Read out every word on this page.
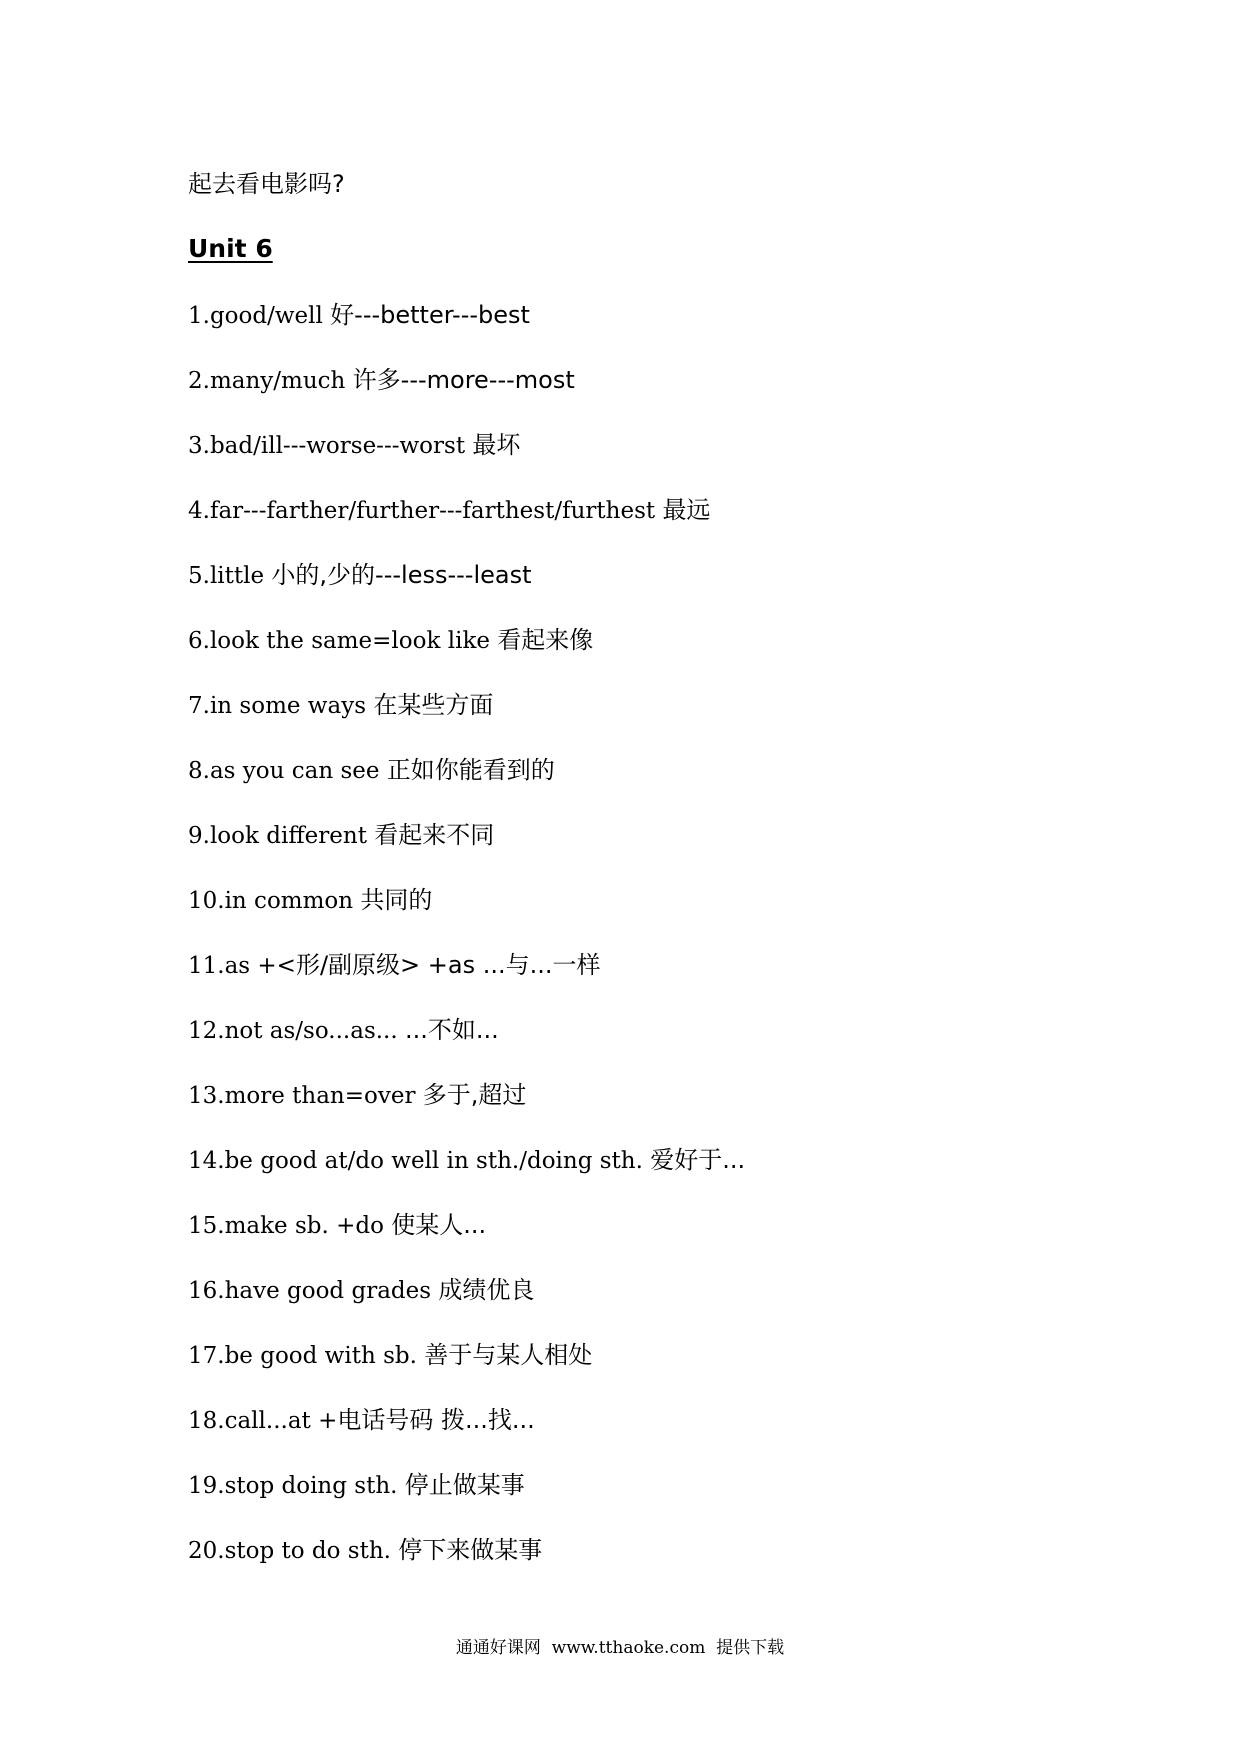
起去看电影吗?
Unit 6
1.good/well 好---better---best
2.many/much 许多---more---most
3.bad/ill---worse---worst 最坏
4.far---farther/further---farthest/furthest 最远
5.little 小的,少的---less---least
6.look the same=look like 看起来像
7.in some ways 在某些方面
8.as you can see 正如你能看到的
9.look different 看起来不同
10.in common 共同的
11.as +<形/副原级> +as ...与...一样
12.not as/so...as... ...不如...
13.more than=over 多于,超过
14.be good at/do well in sth./doing sth. 爱好于...
15.make sb. +do 使某人...
16.have good grades 成绩优良
17.be good with sb. 善于与某人相处
18.call...at +电话号码 拨...找...
19.stop doing sth. 停止做某事
20.stop to do sth. 停下来做某事
通通好课网  www.tthaoke.com  提供下载
